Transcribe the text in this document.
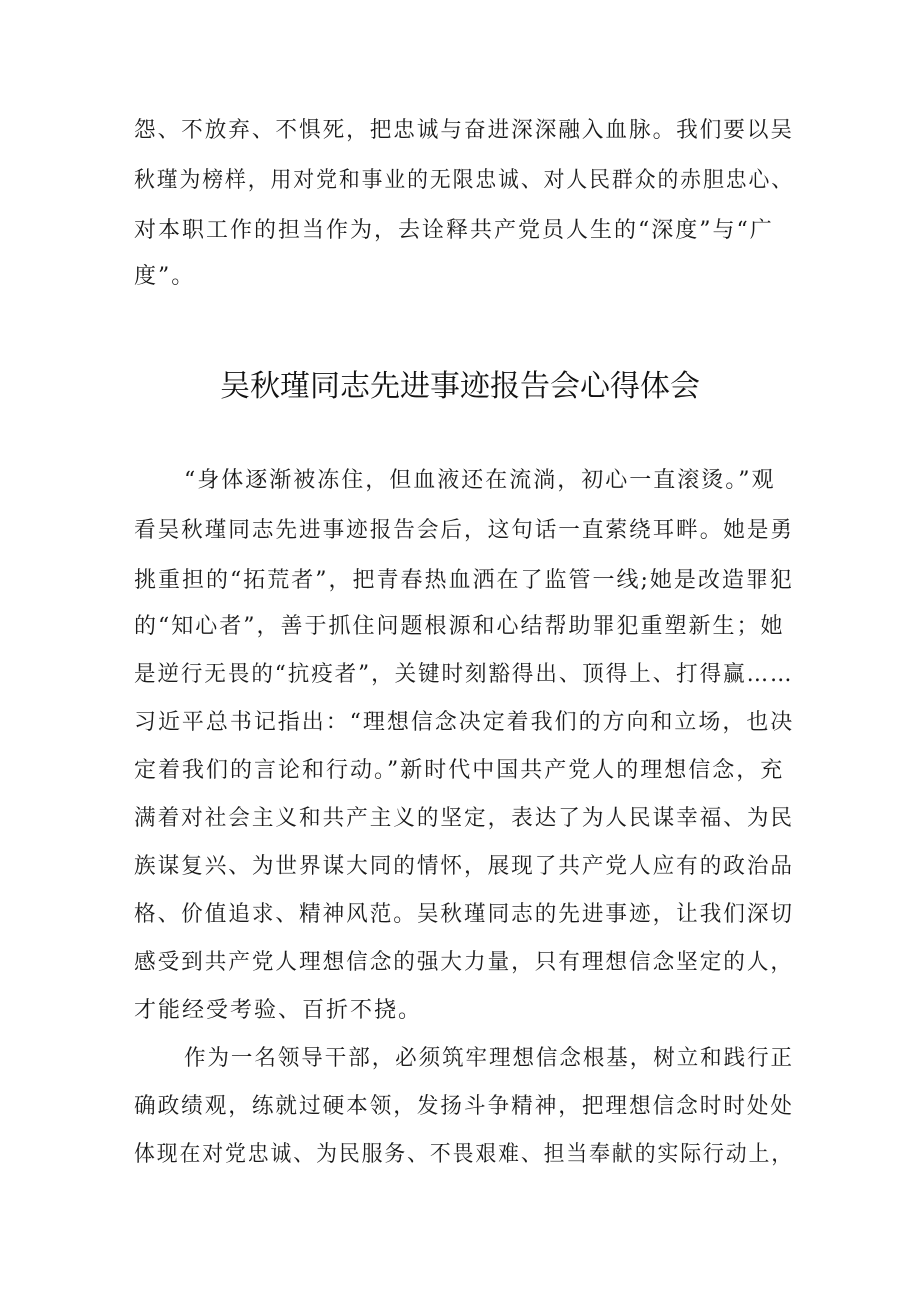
怨、不放弃、不惧死，把忠诚与奋进深深融入血脉。我们要以吴
秋瑾为榜样，用对党和事业的无限忠诚、对人民群众的赤胆忠心、
对本职工作的担当作为，去诠释共产党员人生的“深度”与“广
度”。
吴秋瑾同志先进事迹报告会心得体会
“身体逐渐被冻住，但血液还在流淌，初心一直滚烫。”观
看吴秋瑾同志先进事迹报告会后，这句话一直萦绕耳畔。她是勇
挑重担的“拓荒者”，把青春热血洒在了监管一线;她是改造罪犯
的“知心者”，善于抓住问题根源和心结帮助罪犯重塑新生；她
是逆行无畏的“抗疫者”，关键时刻豁得出、顶得上、打得赢……
习近平总书记指出：“理想信念决定着我们的方向和立场，也决
定着我们的言论和行动。”新时代中国共产党人的理想信念，充
满着对社会主义和共产主义的坚定，表达了为人民谋幸福、为民
族谋复兴、为世界谋大同的情怀，展现了共产党人应有的政治品
格、价值追求、精神风范。吴秋瑾同志的先进事迹，让我们深切
感受到共产党人理想信念的强大力量，只有理想信念坚定的人，
才能经受考验、百折不挠。
作为一名领导干部，必须筑牢理想信念根基，树立和践行正
确政绩观，练就过硬本领，发扬斗争精神，把理想信念时时处处
体现在对党忠诚、为民服务、不畏艰难、担当奉献的实际行动上，
